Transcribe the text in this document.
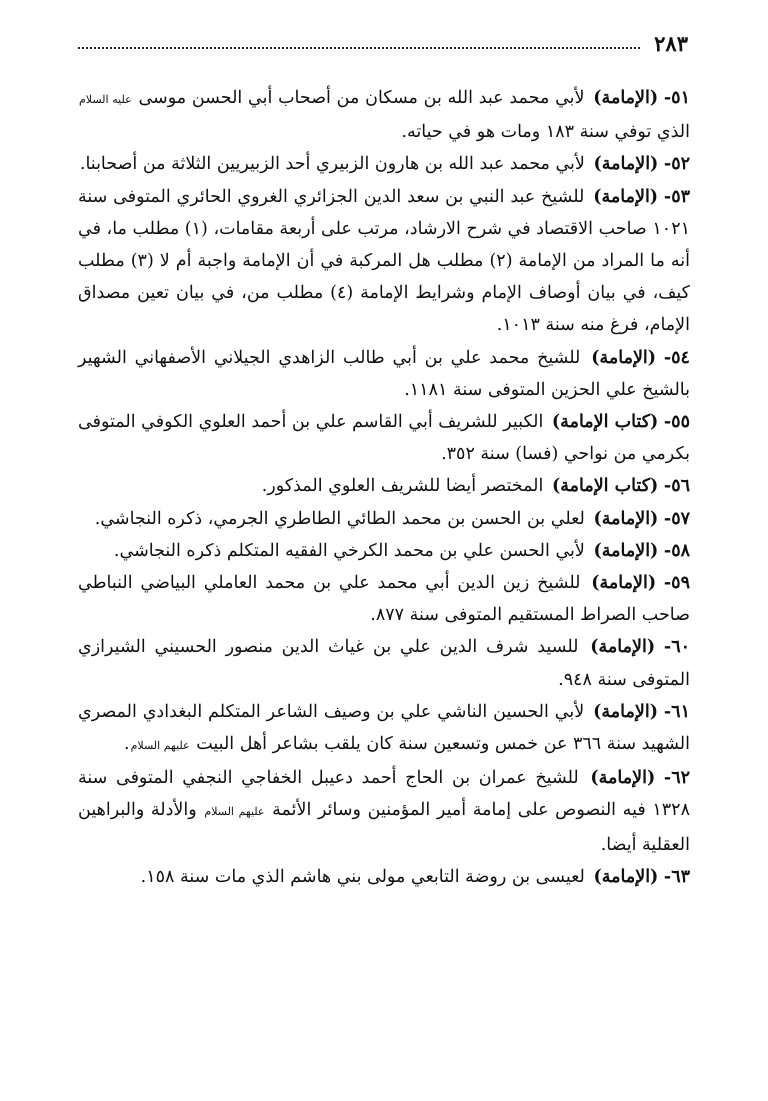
٢٨٣

٥١- (الإمامة) لأبي محمد عبد الله بن مسكان من أصحاب أبي الحسن موسى عليه السلام الذي توفي سنة ١٨٣ ومات هو في حياته.

٥٢- (الإمامة) لأبي محمد عبد الله بن هارون الزبيري أحد الزبيريين الثلاثة من أصحابنا.

٥٣- (الإمامة) للشيخ عبد النبي بن سعد الدين الجزائري الغروي الحائري المتوفى سنة ١٠٢١ صاحب الاقتصاد في شرح الارشاد، مرتب على أربعة مقامات، (١) مطلب ما، في أنه ما المراد من الإمامة (٢) مطلب هل المركبة في أن الإمامة واجبة أم لا (٣) مطلب كيف، في بيان أوصاف الإمام وشرايط الإمامة (٤) مطلب من، في بيان تعين مصداق الإمام، فرغ منه سنة ١٠١٣.

٥٤- (الإمامة) للشيخ محمد علي بن أبي طالب الزاهدي الجيلاني الأصفهاني الشهير بالشيخ علي الحزين المتوفى سنة ١١٨١.

٥٥- (كتاب الإمامة) الكبير للشريف أبي القاسم علي بن أحمد العلوي الكوفي المتوفى بكرمي من نواحي (فسا) سنة ٣٥٢.

٥٦- (كتاب الإمامة) المختصر أيضا للشريف العلوي المذكور.

٥٧- (الإمامة) لعلي بن الحسن بن محمد الطائي الطاطري الجرمي، ذكره النجاشي.

٥٨- (الإمامة) لأبي الحسن علي بن محمد الكرخي الفقيه المتكلم ذكره النجاشي.

٥٩- (الإمامة) للشيخ زين الدين أبي محمد علي بن محمد العاملي البياضي النباطي صاحب الصراط المستقيم المتوفى سنة ٨٧٧.

٦٠- (الإمامة) للسيد شرف الدين علي بن غياث الدين منصور الحسيني الشيرازي المتوفى سنة ٩٤٨.

٦١- (الإمامة) لأبي الحسين الناشي علي بن وصيف الشاعر المتكلم البغدادي المصري الشهيد سنة ٣٦٦ عن خمس وتسعين سنة كان يلقب بشاعر أهل البيت عليهم السلام.

٦٢- (الإمامة) للشيخ عمران بن الحاج أحمد دعيبل الخفاجي النجفي المتوفى سنة ١٣٢٨ فيه النصوص على إمامة أمير المؤمنين وسائر الأئمة عليهم السلام والأدلة والبراهين العقلية أيضا.

٦٣- (الإمامة) لعيسى بن روضة التابعي مولى بني هاشم الذي مات سنة ١٥٨.
